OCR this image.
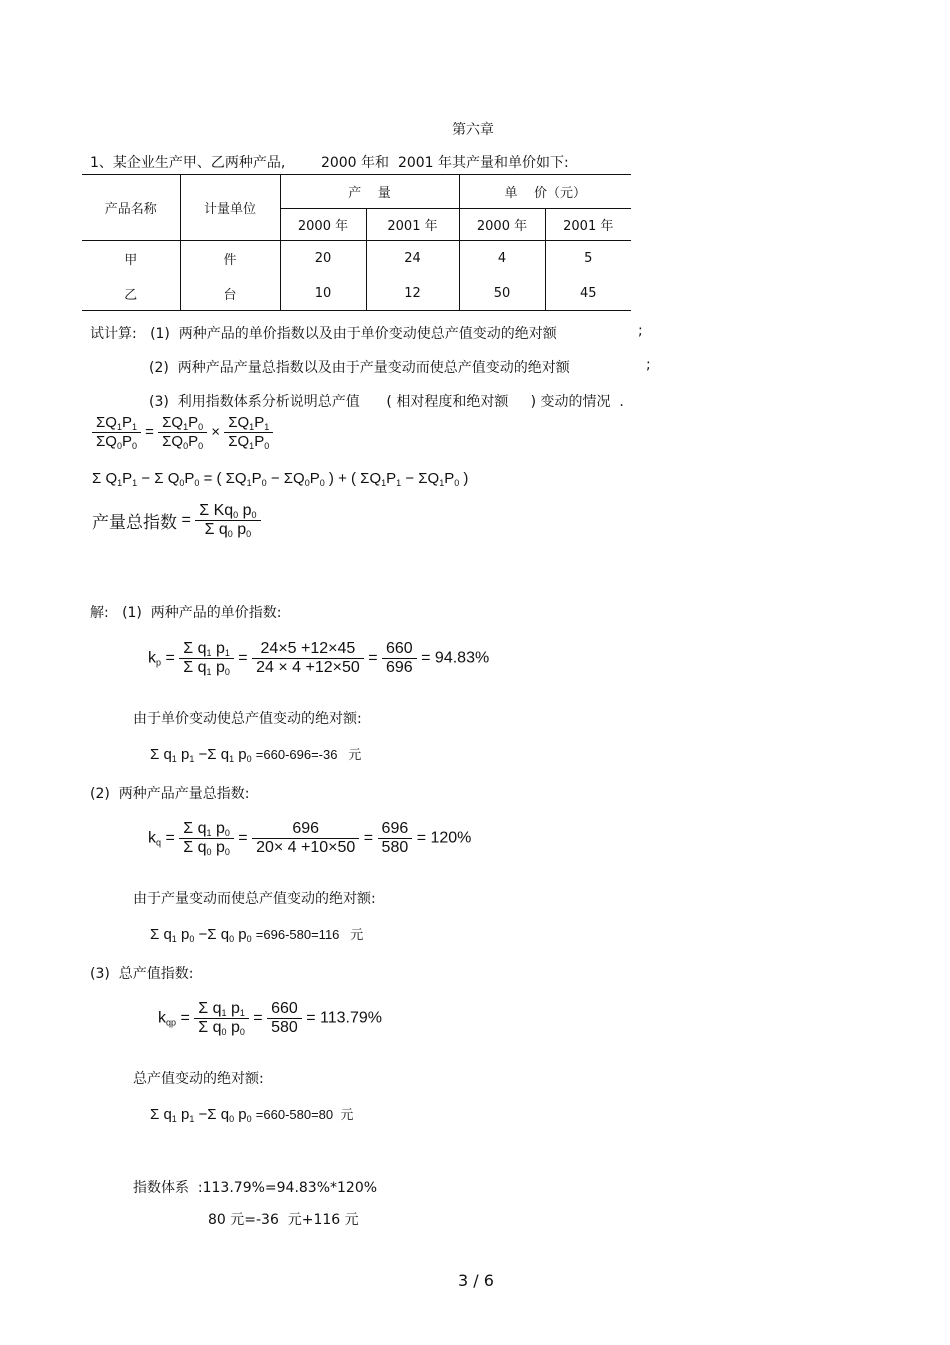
第六章
1、某企业生产甲、乙两种产品,        2000 年和  2001 年其产量和单价如下:
产品名称	计量单位	产    量		单    价（元）	
		2000 年	2001 年	2000 年	2001 年
甲	件	20	24	4	5
乙	台	10	12	50	45
试计算:   (1)  两种产品的单价指数以及由于单价变动使总产值变动的绝对额	;
(2)  两种产品产量总指数以及由于产量变动而使总产值变动的绝对额	;
(3)  利用指数体系分析说明总产值      ( 相对程度和绝对额     ) 变动的情况  .
$\frac{\Sigma Q_1P_1}{\Sigma Q_0P_0} = \frac{\Sigma Q_1P_0}{\Sigma Q_0P_0} \times \frac{\Sigma Q_1P_1}{\Sigma Q_1P_0}$
Σ $Q_1P_1 - \Sigma$ $Q_0P_0$ = ( $\Sigma Q_1P_0 - \Sigma Q_0P_0$ ) + ( $\Sigma Q_1P_1 - \Sigma Q_1P_0$ )
产量总指数 = $\frac{\Sigma Kq_0 p_0}{\Sigma q_0 p_0}$
解:   (1)  两种产品的单价指数:
$k_p = \frac{\Sigma q_1 p_1}{\Sigma q_1 p_0} = \frac{24\times 5 +12\times 45}{24 \times 4 +12\times 50} = \frac{660}{696} = 94.83\%$
由于单价变动使总产值变动的绝对额:
Σ $q_1$ $p_1 -\Sigma$ $q_1$ $p_0 =660-696=-36$   元
(2)  两种产品产量总指数:
$k_q = \frac{\Sigma q_1 p_0}{\Sigma q_0 p_0} = \frac{696}{20\times 4 +10\times 50} = \frac{696}{580} = 120\%$
由于产量变动而使总产值变动的绝对额:
Σ $q_1$ $p_0 -\Sigma$ $q_0$ $p_0 =696-580=116$   元
(3)  总产值指数:
$k_{qp} = \frac{\Sigma q_1 p_1}{\Sigma q_0 p_0} = \frac{660}{580} = 113.79\%$
总产值变动的绝对额:
Σ $q_1$ $p_1 -\Sigma$ $q_0$ $p_0 =660-580=80$  元
指数体系  :113.79%=94.83%*120%
80 元=-36  元+116 元
3 / 6
